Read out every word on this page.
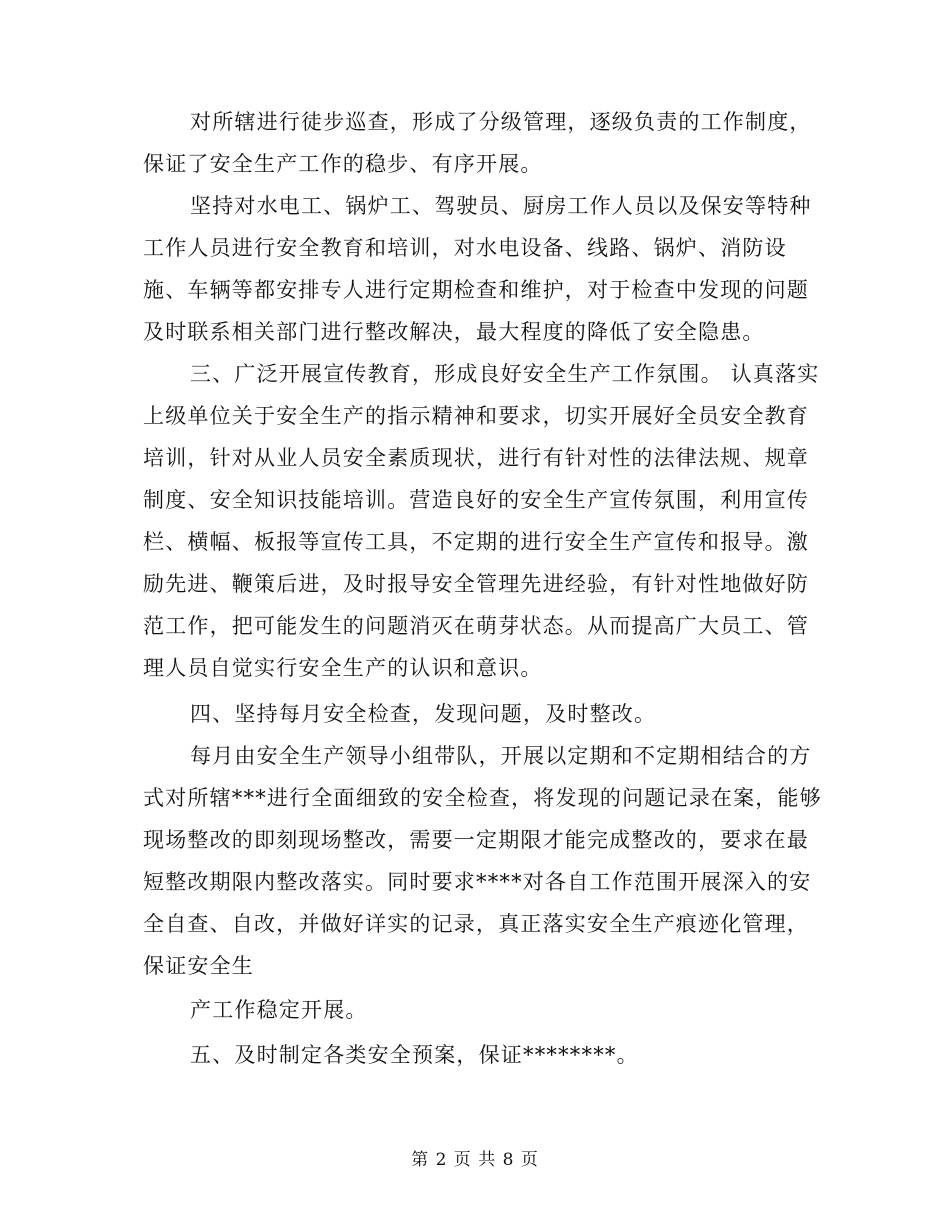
对所辖进行徒步巡查，形成了分级管理，逐级负责的工作制度，
保证了安全生产工作的稳步、有序开展。
坚持对水电工、锅炉工、驾驶员、厨房工作人员以及保安等特种
工作人员进行安全教育和培训，对水电设备、线路、锅炉、消防设
施、车辆等都安排专人进行定期检查和维护，对于检查中发现的问题
及时联系相关部门进行整改解决，最大程度的降低了安全隐患。
三、广泛开展宣传教育，形成良好安全生产工作氛围。 认真落实
上级单位关于安全生产的指示精神和要求，切实开展好全员安全教育
培训，针对从业人员安全素质现状，进行有针对性的法律法规、规章
制度、安全知识技能培训。营造良好的安全生产宣传氛围，利用宣传
栏、横幅、板报等宣传工具，不定期的进行安全生产宣传和报导。激
励先进、鞭策后进，及时报导安全管理先进经验，有针对性地做好防
范工作，把可能发生的问题消灭在萌芽状态。从而提高广大员工、管
理人员自觉实行安全生产的认识和意识。
四、坚持每月安全检查，发现问题，及时整改。
每月由安全生产领导小组带队，开展以定期和不定期相结合的方
式对所辖***进行全面细致的安全检查，将发现的问题记录在案，能够
现场整改的即刻现场整改，需要一定期限才能完成整改的，要求在最
短整改期限内整改落实。同时要求****对各自工作范围开展深入的安
全自查、自改，并做好详实的记录，真正落实安全生产痕迹化管理，
保证安全生
产工作稳定开展。
五、及时制定各类安全预案，保证********。
第 2 页 共 8 页
